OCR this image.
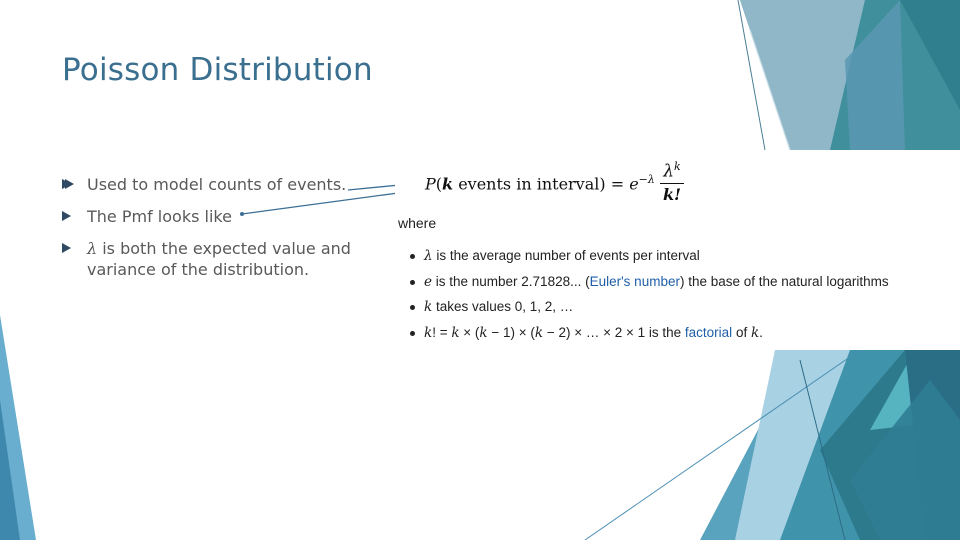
Poisson Distribution
Used to model counts of events.
The Pmf looks like
λ is both the expected value and variance of the distribution.
P(k events in interval) = $e^{-\lambda}$ $\lambda^k$
k!
where
λ is the average number of events per interval
e is the number 2.71828... (Euler's number) the base of the natural logarithms
k takes values 0, 1, 2, …
k! = k × (k − 1) × (k − 2) × … × 2 × 1 is the factorial of k.
